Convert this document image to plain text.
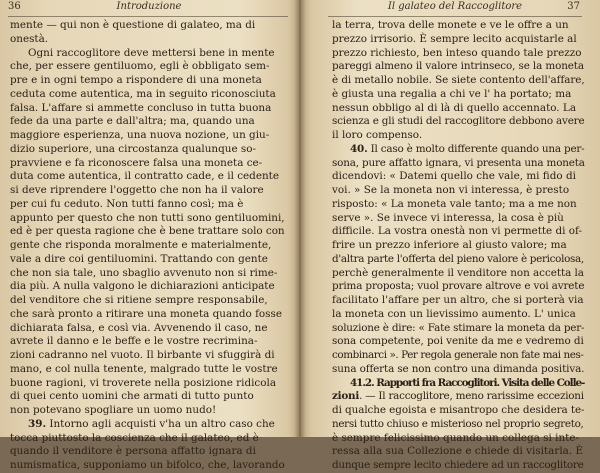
36	Introduzione
mente — qui non è questione di galateo, ma di
onestà.
Ogni raccoglitore deve mettersi bene in mente
che, per essere gentiluomo, egli è obbligato sem-
pre e in ogni tempo a rispondere di una moneta
ceduta come autentica, ma in seguito riconosciuta
falsa. L'affare si ammette concluso in tutta buona
fede da una parte e dall'altra; ma, quando una
maggiore esperienza, una nuova nozione, un giu-
dizio superiore, una circostanza qualunque so-
pravviene e fa riconoscere falsa una moneta ce-
duta come autentica, il contratto cade, e il cedente
si deve riprendere l'oggetto che non ha il valore
per cui fu ceduto. Non tutti fanno così; ma è
appunto per questo che non tutti sono gentiluomini,
ed è per questa ragione che è bene trattare solo con
gente che risponda moralmente e materialmente,
vale a dire coi gentiluomini. Trattando con gente
che non sia tale, uno sbaglio avvenuto non si rime-
dia più. A nulla valgono le dichiarazioni anticipate
del venditore che si ritiene sempre responsabile,
che sarà pronto a ritirare una moneta quando fosse
dichiarata falsa, e così via. Avvenendo il caso, ne
avrete il danno e le beffe e le vostre recrimina-
zioni cadranno nel vuoto. Il birbante vi sfuggirà di
mano, e col nulla tenente, malgrado tutte le vostre
buone ragioni, vi troverete nella posizione ridicola
di quei cento uomini che armati di tutto punto
non potevano spogliare un uomo nudo!
39. Intorno agli acquisti v'ha un altro caso che
tocca piuttosto la coscienza che il galateo, ed è
quando il venditore è persona affatto ignara di
numismatica, supponiamo un bifolco, che, lavorando
Il galateo del Raccoglitore	37
la terra, trova delle monete e ve le offre a un
prezzo irrisorio. È sempre lecito acquistarle al
prezzo richiesto, ben inteso quando tale prezzo
pareggi almeno il valore intrinseco, se la moneta
è di metallo nobile. Se siete contento dell'affare,
è giusta una regalia a chi ve l' ha portato; ma
nessun obbligo al di là di quello accennato. La
scienza e gli studi del raccoglitore debbono avere
il loro compenso.
40. Il caso è molto differente quando una per-
sona, pure affatto ignara, vi presenta una moneta
dicendovi: « Datemi quello che vale, mi fido di
voi. » Se la moneta non vi interessa, è presto
risposto: « La moneta vale tanto; ma a me non
serve ». Se invece vi interessa, la cosa è più
difficile. La vostra onestà non vi permette di of-
frire un prezzo inferiore al giusto valore; ma
d'altra parte l'offerta del pieno valore è pericolosa,
perchè generalmente il venditore non accetta la
prima proposta; vuol provare altrove e voi avrete
facilitato l'affare per un altro, che si porterà via
la moneta con un lievissimo aumento. L' unica
soluzione è dire: « Fate stimare la moneta da per-
sona competente, poi venite da me e vedremo di
combinarci ». Per regola generale non fate mai nes-
suna offerta se non contro una dimanda positiva.
41.2. Rapporti fra Raccoglitori. Visita delle Colle-
zioni. — Il raccoglitore, meno rarissime eccezioni
di qualche egoista e misantropo che desidera te-
nersi tutto chiuso e misterioso nel proprio segreto,
è sempre felicissimo quando un collega si inte-
ressa alla sua Collezione e chiede di visitarla. È
dunque sempre lecito chiedere ad un raccoglitore
